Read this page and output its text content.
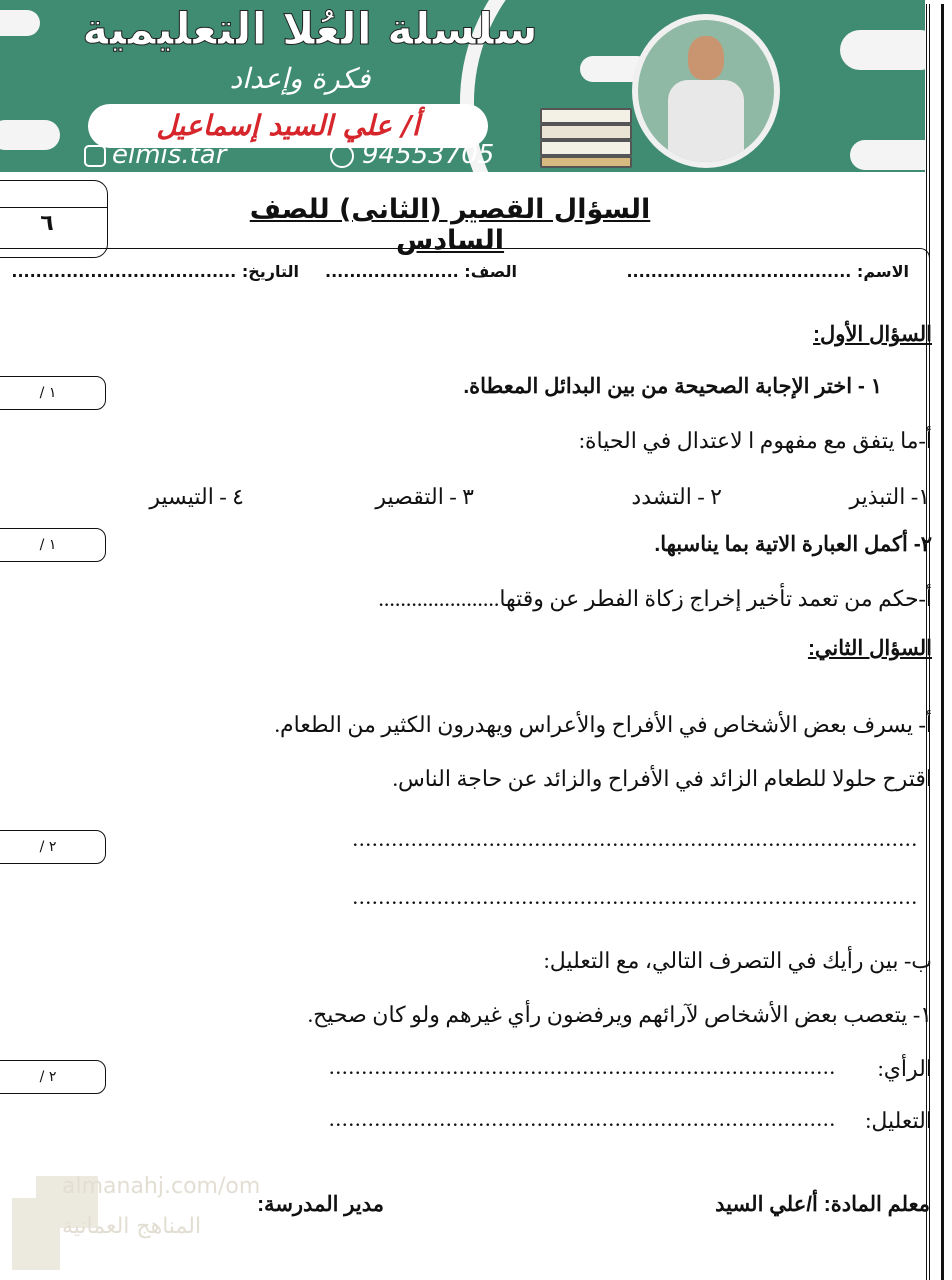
سلسلة العُلا التعليمية
فكرة وإعداد
أ/ علي السيد إسماعيل
elmis.tar	94553705
٦	السؤال القصير (الثانى) للصف السادس
الاسم: .....................................
الصف: ......................
التاريخ: .....................................
السؤال الأول:
١ - اختر الإجابة الصحيحة من بين البدائل المعطاة.
١ /
أ-ما يتفق مع مفهوم ا لاعتدال في الحياة:
١- التبذير
٢ - التشدد
٣ - التقصير
٤ - التيسير
٢- أكمل العبارة الاتية بما يناسبها.
١ /
أ-حكم من تعمد تأخير إخراج زكاة الفطر عن وقتها......................
السؤال الثاني:
أ- يسرف بعض الأشخاص في الأفراح والأعراس ويهدرون الكثير من الطعام.
اقترح حلولا للطعام الزائد في الأفراح والزائد عن حاجة الناس.
٢ /	.......................................................................................
.......................................................................................
ب- بين رأيك في التصرف التالي، مع التعليل:
١- يتعصب بعض الأشخاص لآرائهم ويرفضون رأي غيرهم ولو كان صحيح.
الرأي:
..............................................................................
٢ /
التعليل:
..............................................................................
almanahj.com/om
المناهج العمانية
معلم المادة: أ/علي السيد
مدير المدرسة:
